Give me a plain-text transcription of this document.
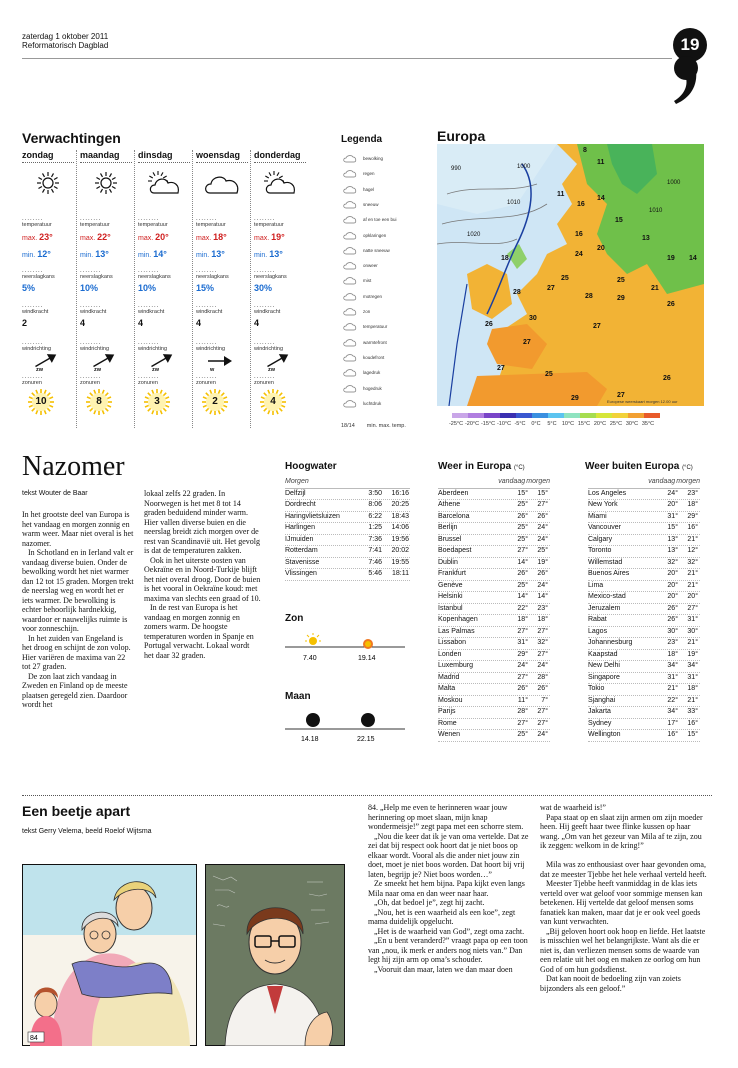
zaterdag 1 oktober 2011
Reformatorisch Dagblad	19
Verwachtingen
zondag
........
temperatuur
max. 23°
min. 12°
........
neerslagkans
5%
........
windkracht
2
........
windrichting
zw
........
zonuren
10
maandag
........
temperatuur
max. 22°
min. 13°
........
neerslagkans
10%
........
windkracht
4
........
windrichting
zw
........
zonuren
8
dinsdag
........
temperatuur
max. 20°
min. 14°
........
neerslagkans
10%
........
windkracht
4
........
windrichting
zw
........
zonuren
3
woensdag
........
temperatuur
max. 18°
min. 13°
........
neerslagkans
15%
........
windkracht
4
........
windrichting
w
........
zonuren
2
donderdag
........
temperatuur
max. 19°
min. 13°
........
neerslagkans
30%
........
windkracht
4
........
windrichting
zw
........
zonuren
4
Legenda
bewolking
regen
hagel
sneeuw
af en toe een bui
opklaringen
natte sneeuw
onweer
mist
motregen
zon
temperatuur
warmtefront
koudefront
lagedruk
hogedruk
luchtdruk
18/14 min. max. temp.
Europa
990	1000
1010
1020
1000
1010
8
11
11
16
14
15
13
18
20
19 14
16
24
25
28
21
26
28
29
27
30
25
26
27
27
25
29	27
26
27
Europese weerskaart morgen 12.00 uur
-25°C -20°C -15°C -10°C -5°C	0°C	5°C 10°C 15°C 20°C 25°C 30°C 35°C
Nazomer
tekst Wouter de Baar

In het grootste deel van Europa is het vandaag en morgen zonnig en warm weer. Maar niet overal is het nazomer.

In Schotland en in Ierland valt er vandaag diverse buien. Onder de bewolking wordt het niet warmer dan 12 tot 15 graden. Morgen trekt de neerslag weg en wordt het er iets warmer. De bewolking is echter behoorlijk hardnekkig, waardoor er nauwelijks ruimte is voor zonneschijn.

In het zuiden van Engeland is het droog en schijnt de zon volop. Hier variëren de maxima van 22 tot 27 graden.

De zon laat zich vandaag in Zweden en Finland op de meeste plaatsen geregeld zien. Daardoor wordt het

lokaal zelfs 22 graden. In Noorwegen is het met 8 tot 14 graden beduidend minder warm. Hier vallen diverse buien en die neerslag breidt zich morgen over de rest van Scandinavië uit. Het gevolg is dat de temperaturen zakken.

Ook in het uiterste oosten van Oekraïne en in Noord-Turkije blijft het niet overal droog. Door de buien is het vooral in Oekraïne koud: met maxima van slechts een graad of 10.

In de rest van Europa is het vandaag en morgen zonnig en zomers warm. De hoogste temperaturen worden in Spanje en Portugal verwacht. Lokaal wordt het daar 32 graden.

Hoogwater
Morgen
Delfzijl	3:50	16:16
Dordrecht	8:06	20:25
Haringvlietsluizen	6:22	18:43
Harlingen	1:25	14:06
IJmuiden	7:36	19:56
Rotterdam	7:41	20:02
Stavenisse	7:46	19:55
Vlissingen	5:46	18:11
Zon
7.40	19.14
Maan
14.18	22.15
Weer in Europa (°C)
vandaag morgen
Aberdeen	15°	15°
Athene	25°	27°
Barcelona	26°	26°
Berlijn	25°	24°
Brussel	25°	24°
Boedapest	27°	25°
Dublin	14°	19°
Frankfurt	26°	26°
Genève	25°	24°
Helsinki	14°	14°
Istanbul	22°	23°
Kopenhagen	18°	18°
Las Palmas	27°	27°
Lissabon	31°	32°
Londen	29°	27°
Luxemburg	24°	24°
Madrid	27°	28°
Malta	26°	26°
Moskou	11°	7°
Parijs	28°	27°
Rome	27°	27°
Wenen	25°	24°
Weer buiten Europa (°C)
vandaag morgen
Los Angeles	24°	23°
New York	20°	18°
Miami	31°	29°
Vancouver	15°	16°
Calgary	13°	21°
Toronto	13°	12°
Willemstad	32°	32°
Buenos Aires	20°	21°
Lima	20°	21°
Mexico-stad	20°	20°
Jeruzalem	26°	27°
Rabat	26°	31°
Lagos	30°	30°
Johannesburg	23°	21°
Kaapstad	18°	19°
New Delhi	34°	34°
Singapore	31°	31°
Tokio	21°	18°
Sjanghai	22°	21°
Jakarta	34°	33°
Sydney	17°	16°
Wellington	16°	15°
Een beetje apart
tekst Gerry Velema, beeld Roelof Wijtsma
84

84. „Help me even te herinneren waar jouw herinnering op moet slaan, mijn knap wondermeisje!” zegt papa met een schorre stem.

„Nou die keer dat ik je van oma vertelde. Dat ze zei dat bij respect ook hoort dat je niet boos op elkaar wordt. Vooral als die ander niet jouw zin doet, moet je niet boos worden. Dat hoort bij vrij laten, begrijp je? Niet boos worden…”

Ze smeekt het hem bijna. Papa kijkt even langs Mila naar oma en dan weer naar haar.

„Oh, dat bedoel je”, zegt hij zacht.

„Nou, het is een waarheid als een koe”, zegt mama duidelijk opgelucht.

„Het is de waarheid van God”, zegt oma zacht.

„En u bent veranderd?” vraagt papa op een toon van „nou, ik merk er anders nog niets van.” Dan legt hij zijn arm op oma’s schouder.

„Vooruit dan maar, laten we dan maar doen

wat de waarheid is!”

Papa staat op en slaat zijn armen om zijn moeder heen. Hij geeft haar twee flinke kussen op haar wang. „Om van het gezeur van Mila af te zijn, zou ik zeggen: welkom in de kring!”

Mila was zo enthousiast over haar gevonden oma, dat ze meester Tjebbe het hele verhaal verteld heeft.

Meester Tjebbe heeft vanmiddag in de klas iets verteld over wat geloof voor sommige mensen kan betekenen. Hij vertelde dat geloof mensen soms fanatiek kan maken, maar dat je er ook veel goeds van kunt verwachten.

„Bij geloven hoort ook hoop en liefde. Het laatste is misschien wel het belangrijkste. Want als die er niet is, dan verliezen mensen soms de waarde van een relatie uit het oog en maken ze oorlog om hun God of om hun godsdienst.

Dat kan nooit de bedoeling zijn van zoiets bijzonders als een geloof.”
